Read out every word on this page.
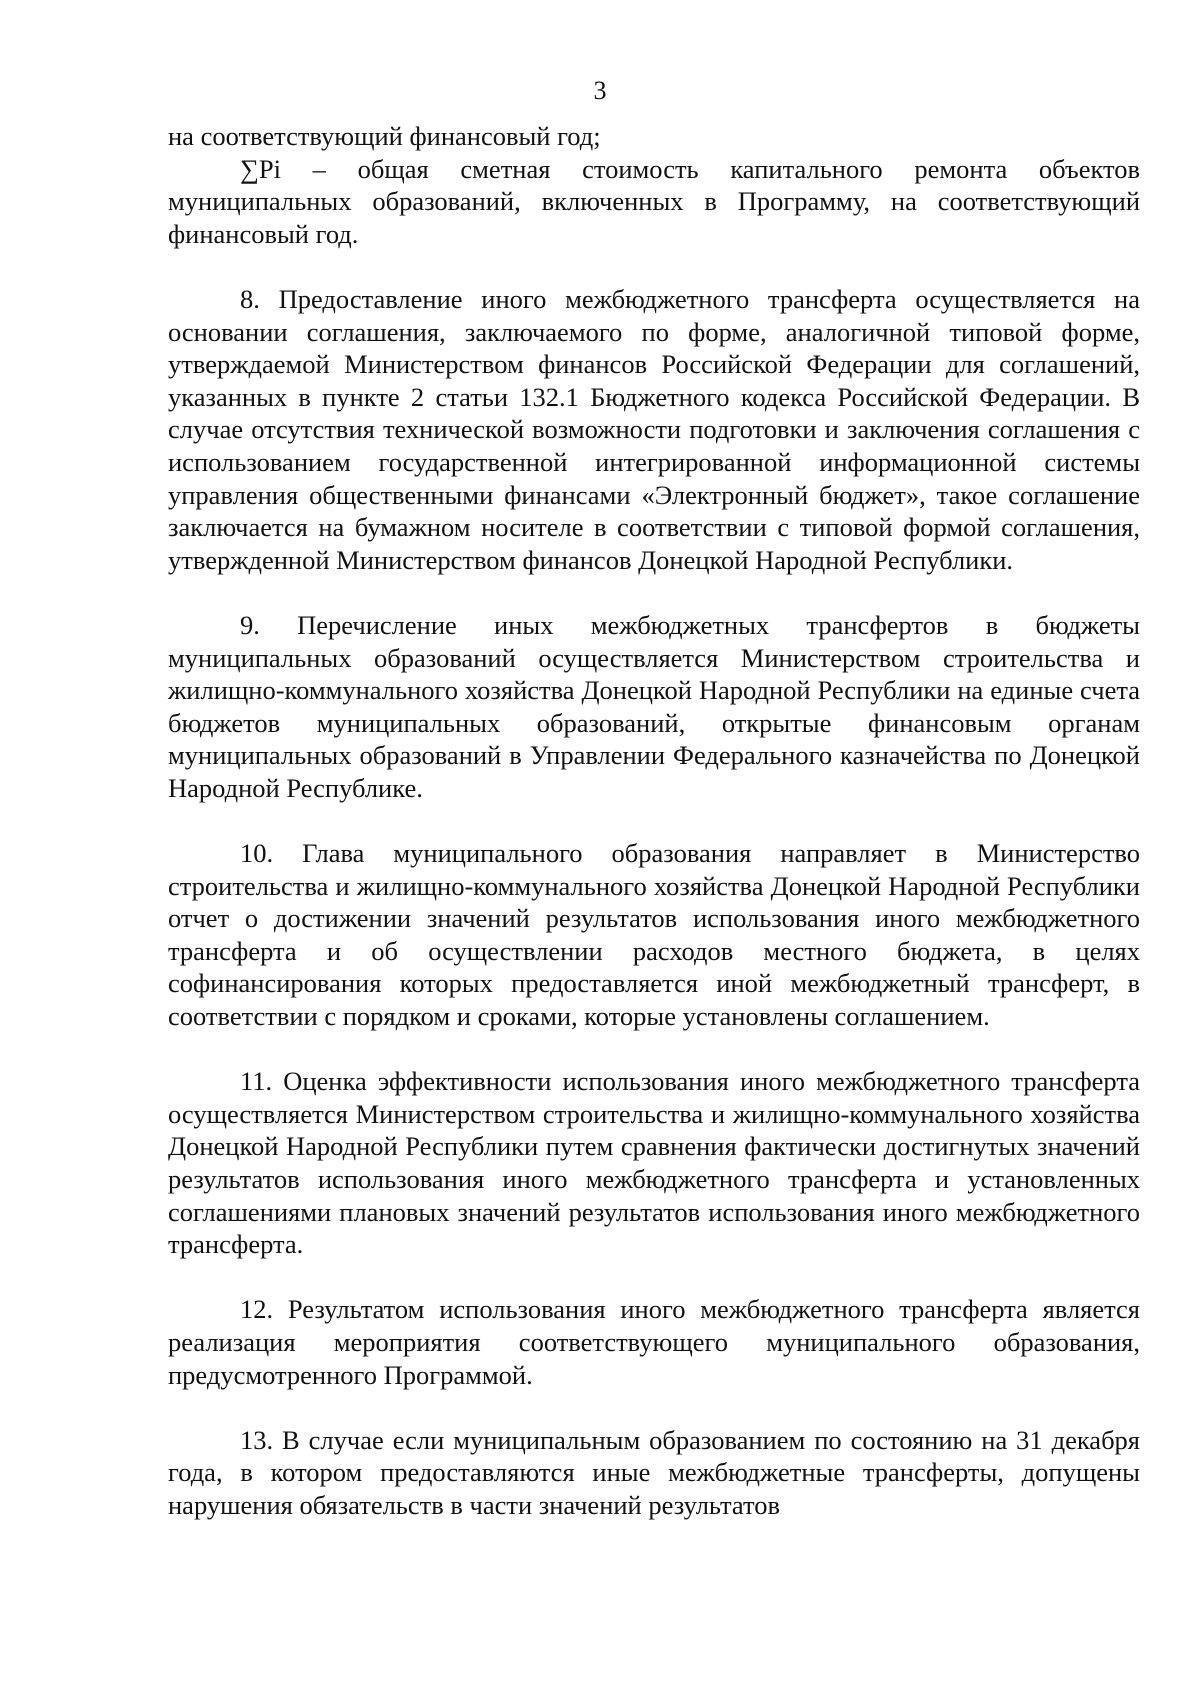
3

на соответствующий финансовый год;

∑Pi – общая сметная стоимость капитального ремонта объектов муниципальных образований, включенных в Программу, на соответствующий финансовый год.

8. Предоставление иного межбюджетного трансферта осуществляется на основании соглашения, заключаемого по форме, аналогичной типовой форме, утверждаемой Министерством финансов Российской Федерации для соглашений, указанных в пункте 2 статьи 132.1 Бюджетного кодекса Российской Федерации. В случае отсутствия технической возможности подготовки и заключения соглашения с использованием государственной интегрированной информационной системы управления общественными финансами «Электронный бюджет», такое соглашение заключается на бумажном носителе в соответствии с типовой формой соглашения, утвержденной Министерством финансов Донецкой Народной Республики.

9. Перечисление иных межбюджетных трансфертов в бюджеты муниципальных образований осуществляется Министерством строительства и жилищно-коммунального хозяйства Донецкой Народной Республики на единые счета бюджетов муниципальных образований, открытые финансовым органам муниципальных образований в Управлении Федерального казначейства по Донецкой Народной Республике.

10. Глава муниципального образования направляет в Министерство строительства и жилищно-коммунального хозяйства Донецкой Народной Республики отчет о достижении значений результатов использования иного межбюджетного трансферта и об осуществлении расходов местного бюджета, в целях софинансирования которых предоставляется иной межбюджетный трансферт, в соответствии с порядком и сроками, которые установлены соглашением.

11. Оценка эффективности использования иного межбюджетного трансферта осуществляется Министерством строительства и жилищно-коммунального хозяйства Донецкой Народной Республики путем сравнения фактически достигнутых значений результатов использования иного межбюджетного трансферта и установленных соглашениями плановых значений результатов использования иного межбюджетного трансферта.

12. Результатом использования иного межбюджетного трансферта является реализация мероприятия соответствующего муниципального образования, предусмотренного Программой.

13. В случае если муниципальным образованием по состоянию на 31 декабря года, в котором предоставляются иные межбюджетные трансферты, допущены нарушения обязательств в части значений результатов
